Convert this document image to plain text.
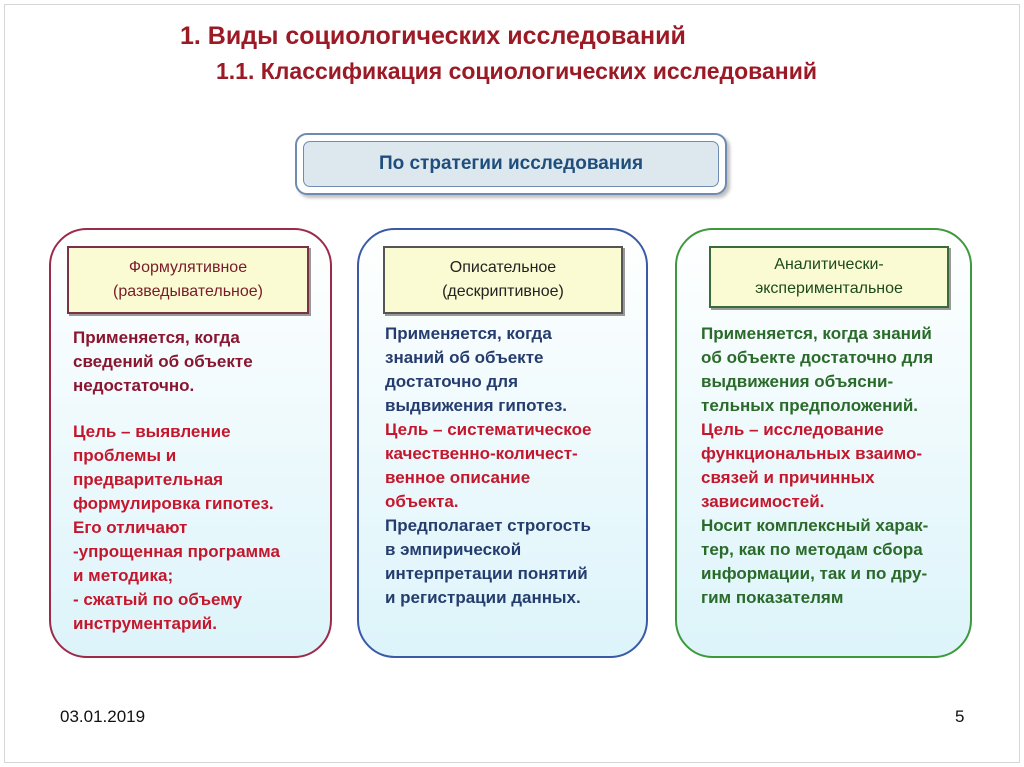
1. Виды социологических исследований
1.1. Классификация социологических исследований
По стратегии исследования
Формулятивное
(разведывательное)
Применяется, когда
сведений об объекте
недостаточно.
Цель – выявление
проблемы и
предварительная
формулировка гипотез.
Его отличают
-упрощенная программа
и методика;
- сжатый по объему
инструментарий.
Описательное
(дескриптивное)
Применяется, когда
знаний об объекте
достаточно для
выдвижения гипотез.
Цель – систематическое
качественно-количест-
венное описание
объекта.
Предполагает строгость
в эмпирической
интерпретации понятий
и регистрации данных.
Аналитически-
экспериментальное
Применяется, когда знаний
об объекте достаточно для
выдвижения объясни-
тельных предположений.
Цель – исследование
функциональных взаимо-
связей и причинных
зависимостей.
Носит комплексный харак-
тер, как по методам сбора
информации, так и по дру-
гим показателям
03.01.2019	5
